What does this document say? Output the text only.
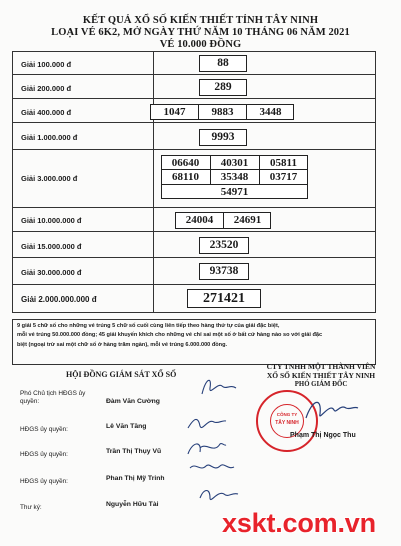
KẾT QUẢ XỔ SỐ KIẾN THIẾT TỈNH TÂY NINH
LOẠI VÉ 6K2, MỞ NGÀY THỨ NĂM 10 THÁNG 06 NĂM 2021
VÉ 10.000 ĐỒNG
Giải 100.000 đ	88
Giải 200.000 đ	289
Giải 400.000 đ	1047	9883	3448
Giải 1.000.000 đ	9993
Giải 3.000.000 đ
06640	40301	05811
68110	35348	03717
54971
Giải 10.000.000 đ	24004	24691
Giải 15.000.000 đ	23520
Giải 30.000.000 đ	93738
Giải 2.000.000.000 đ	271421
9 giải 5 chữ số cho những vé trúng 5 chữ số cuối cùng liên tiếp theo hàng thứ tự của giải đặc biệt,
mỗi vé trúng 50.000.000 đồng; 45 giải khuyến khích cho những vé chỉ sai một số ở bất cứ hàng nào so với giải đặc
biệt (ngoại trừ sai một chữ số ở hàng trăm ngàn), mỗi vé trúng 6.000.000 đồng.
HỘI ĐỒNG GIÁM SÁT XỔ SỐ
CTY TNHH MỘT THÀNH VIÊN
XỔ SỐ KIẾN THIẾT TÂY NINH
PHÓ GIÁM ĐỐC
Phó Chủ tịch HĐGS ủy quyền:	Đàm Văn Cường
HĐGS ủy quyền:	Lê Văn Tầng
HĐGS ủy quyền:	Trần Thị Thụy Vũ
HĐGS ủy quyền:	Phan Thị Mỹ Trinh
Thư ký:	Nguyễn Hữu Tài
CÔNG TY
TÂY NINH
Phạm Thị Ngọc Thu
xskt.com.vn
